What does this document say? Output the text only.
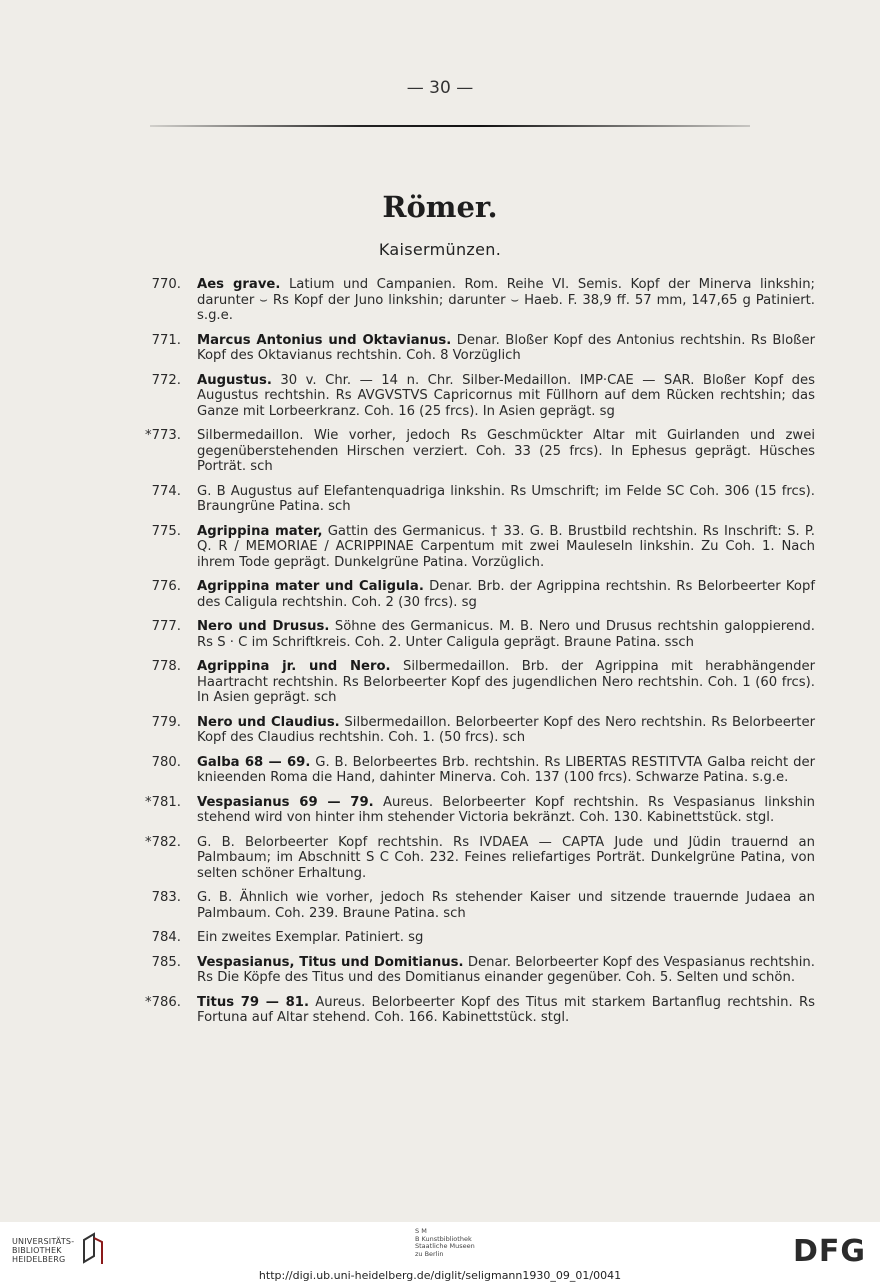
— 30 —
Römer.
Kaisermünzen.
770. Aes grave. Latium und Campanien. Rom. Reihe VI. Semis. Kopf der Minerva linkshin; darunter ⌣ Rs Kopf der Juno linkshin; darunter ⌣ Haeb. F. 38,9 ff. 57 mm, 147,65 g Patiniert. s.g.e.

771. Marcus Antonius und Oktavianus. Denar. Bloßer Kopf des Antonius rechtshin. Rs Bloßer Kopf des Oktavianus rechtshin. Coh. 8 Vorzüglich

772. Augustus. 30 v. Chr. — 14 n. Chr. Silber-Medaillon. IMP·CAE — SAR. Bloßer Kopf des Augustus rechtshin. Rs AVGVSTVS Capricornus mit Füllhorn auf dem Rücken rechtshin; das Ganze mit Lorbeerkranz. Coh. 16 (25 frcs). In Asien geprägt. sg

*773. Silbermedaillon. Wie vorher, jedoch Rs Geschmückter Altar mit Guirlanden und zwei gegenüberstehenden Hirschen verziert. Coh. 33 (25 frcs). In Ephesus geprägt. Hüsches Porträt. sch

774. G. B Augustus auf Elefantenquadriga linkshin. Rs Umschrift; im Felde SC Coh. 306 (15 frcs). Braungrüne Patina. sch

775. Agrippina mater, Gattin des Germanicus. † 33. G. B. Brustbild rechtshin. Rs Inschrift: S. P. Q. R / MEMORIAE / ACRIPPINAE Carpentum mit zwei Mauleseln linkshin. Zu Coh. 1. Nach ihrem Tode geprägt. Dunkelgrüne Patina. Vorzüglich.

776. Agrippina mater und Caligula. Denar. Brb. der Agrippina rechtshin. Rs Belorbeerter Kopf des Caligula rechtshin. Coh. 2 (30 frcs). sg

777. Nero und Drusus. Söhne des Germanicus. M. B. Nero und Drusus rechtshin galoppierend. Rs S · C im Schriftkreis. Coh. 2. Unter Caligula geprägt. Braune Patina. ssch

778. Agrippina jr. und Nero. Silbermedaillon. Brb. der Agrippina mit herabhängender Haartracht rechtshin. Rs Belorbeerter Kopf des jugendlichen Nero rechtshin. Coh. 1 (60 frcs). In Asien geprägt. sch

779. Nero und Claudius. Silbermedaillon. Belorbeerter Kopf des Nero rechtshin. Rs Belorbeerter Kopf des Claudius rechtshin. Coh. 1. (50 frcs). sch

780. Galba 68 — 69. G. B. Belorbeertes Brb. rechtshin. Rs LIBERTAS RESTITVTA Galba reicht der knieenden Roma die Hand, dahinter Minerva. Coh. 137 (100 frcs). Schwarze Patina. s.g.e.

*781. Vespasianus 69 — 79. Aureus. Belorbeerter Kopf rechtshin. Rs Vespasianus linkshin stehend wird von hinter ihm stehender Victoria bekränzt. Coh. 130. Kabinettstück. stgl.

*782. G. B. Belorbeerter Kopf rechtshin. Rs IVDAEA — CAPTA Jude und Jüdin trauernd an Palmbaum; im Abschnitt S C Coh. 232. Feines reliefartiges Porträt. Dunkelgrüne Patina, von selten schöner Erhaltung.

783. G. B. Ähnlich wie vorher, jedoch Rs stehender Kaiser und sitzende trauernde Judaea an Palmbaum. Coh. 239. Braune Patina. sch

784. Ein zweites Exemplar. Patiniert. sg

785. Vespasianus, Titus und Domitianus. Denar. Belorbeerter Kopf des Vespasianus rechtshin. Rs Die Köpfe des Titus und des Domitianus einander gegenüber. Coh. 5. Selten und schön.

*786. Titus 79 — 81. Aureus. Belorbeerter Kopf des Titus mit starkem Bartanflug rechtshin. Rs Fortuna auf Altar stehend. Coh. 166. Kabinettstück. stgl.

UNIVERSITÄTS-
BIBLIOTHEK
HEIDELBERG
S M
B Kunstbibliothek
Staatliche Museen
zu Berlin	DFG
http://digi.ub.uni-heidelberg.de/diglit/seligmann1930_09_01/0041
